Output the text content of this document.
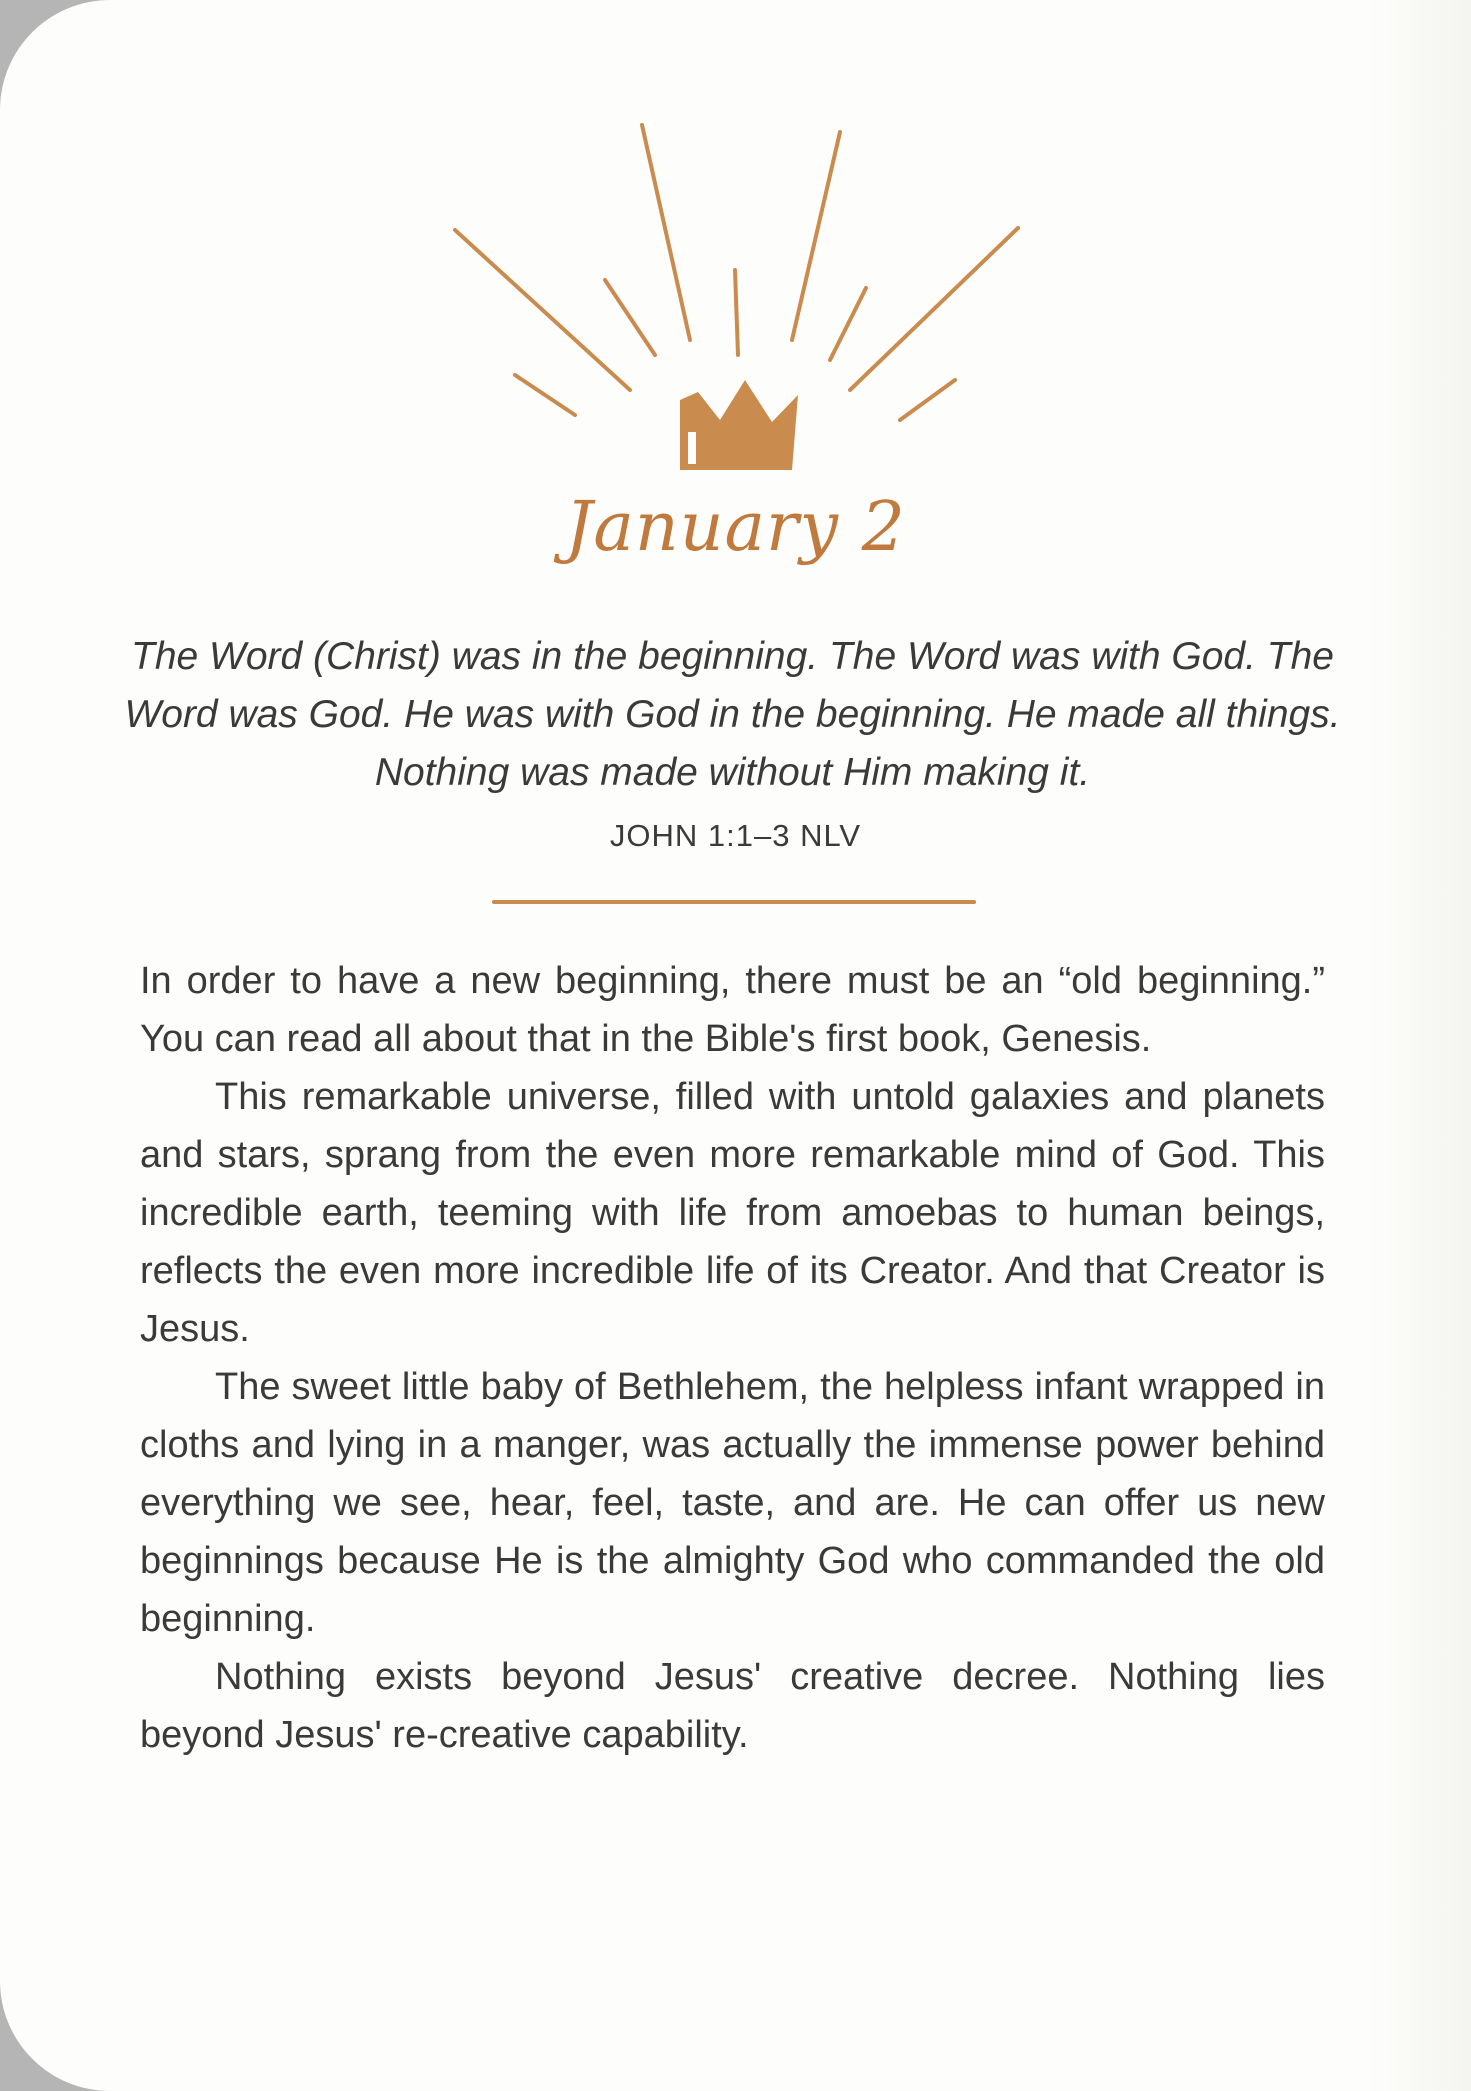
January 2

The Word (Christ) was in the beginning. The Word was with God. The Word was God. He was with God in the beginning. He made all things. Nothing was made without Him making it.

JOHN 1:1–3 NLV

In order to have a new beginning, there must be an “old beginning.” You can read all about that in the Bible's first book, Genesis.

This remarkable universe, filled with untold galaxies and planets and stars, sprang from the even more remarkable mind of God. This incredible earth, teeming with life from amoebas to human beings, reflects the even more incredible life of its Creator. And that Creator is Jesus.

The sweet little baby of Bethlehem, the helpless infant wrapped in cloths and lying in a manger, was actually the immense power behind everything we see, hear, feel, taste, and are. He can offer us new beginnings because He is the almighty God who commanded the old beginning.

Nothing exists beyond Jesus' creative decree. Nothing lies beyond Jesus' re-creative capability.
